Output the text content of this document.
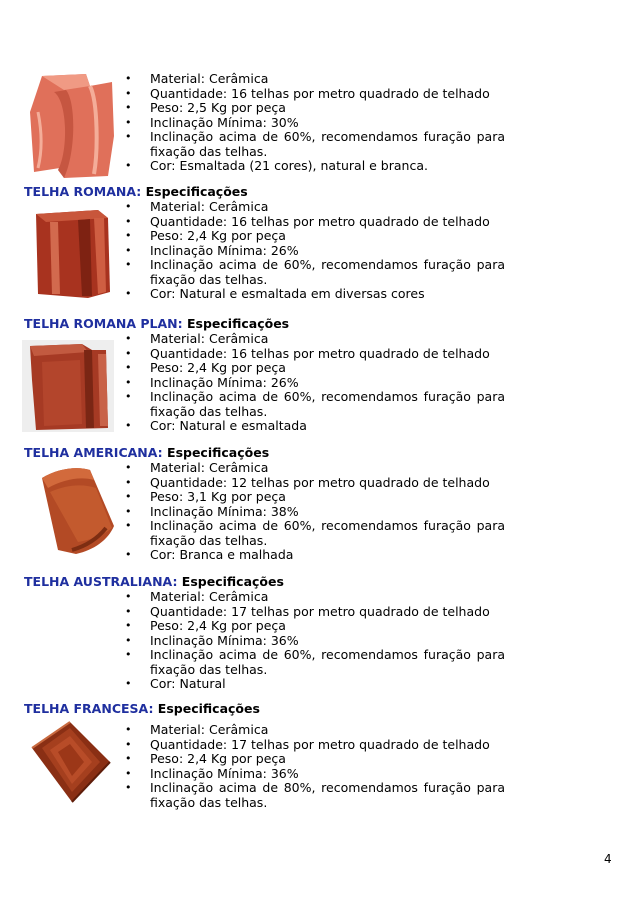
• Material: Cerâmica
• Quantidade: 16 telhas por metro quadrado de telhado
• Peso: 2,5 Kg por peça
• Inclinação Mínima: 30%
• Inclinação acima de 60%, recomendamos furação para fixação das telhas.
• Cor: Esmaltada (21 cores), natural e branca.
TELHA ROMANA: Especificações
• Material: Cerâmica
• Quantidade: 16 telhas por metro quadrado de telhado
• Peso: 2,4 Kg por peça
• Inclinação Mínima: 26%
• Inclinação acima de 60%, recomendamos furação para fixação das telhas.
• Cor: Natural e esmaltada em diversas cores
TELHA ROMANA PLAN: Especificações
• Material: Cerâmica
• Quantidade: 16 telhas por metro quadrado de telhado
• Peso: 2,4 Kg por peça
• Inclinação Mínima: 26%
• Inclinação acima de 60%, recomendamos furação para fixação das telhas.
• Cor: Natural e esmaltada
TELHA AMERICANA: Especificações
• Material: Cerâmica
• Quantidade: 12 telhas por metro quadrado de telhado
• Peso: 3,1 Kg por peça
• Inclinação Mínima: 38%
• Inclinação acima de 60%, recomendamos furação para fixação das telhas.
• Cor: Branca e malhada
TELHA AUSTRALIANA: Especificações
• Material: Cerâmica
• Quantidade: 17 telhas por metro quadrado de telhado
• Peso: 2,4 Kg por peça
• Inclinação Mínima: 36%
• Inclinação acima de 60%, recomendamos furação para fixação das telhas.
• Cor: Natural
TELHA FRANCESA: Especificações
• Material: Cerâmica
• Quantidade: 17 telhas por metro quadrado de telhado
• Peso: 2,4 Kg por peça
• Inclinação Mínima: 36%
• Inclinação acima de 80%, recomendamos furação para fixação das telhas.
4
